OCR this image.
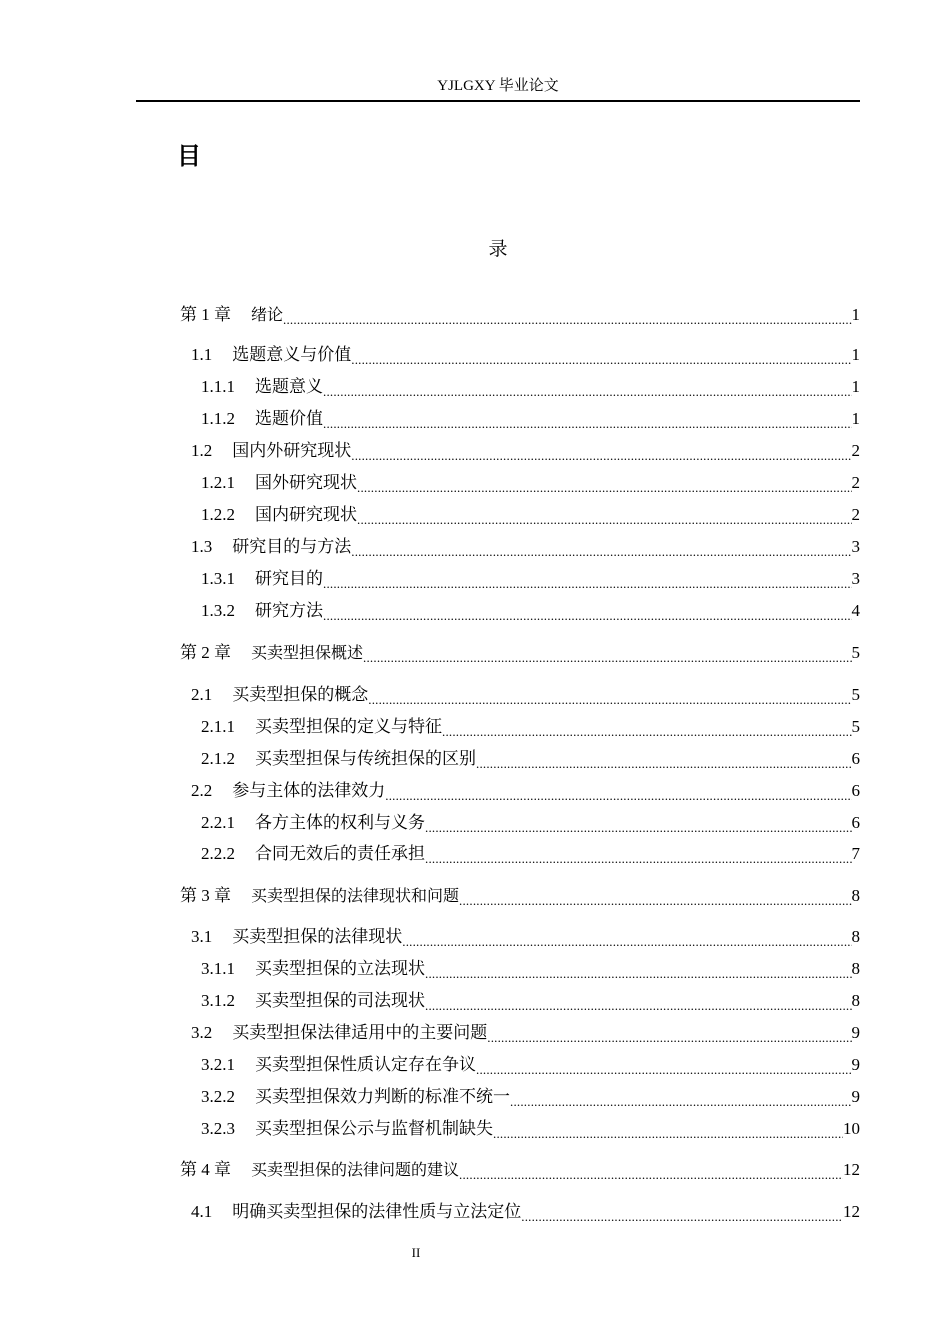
YJLGXY 毕业论文
目
录
第 1 章 绪论 .....	1
1.1 选题意义与价值 .....	1
1.1.1 选题意义 .....	1
1.1.2 选题价值 .....	1
1.2 国内外研究现状 .....	2
1.2.1 国外研究现状 .....	2
1.2.2 国内研究现状 .....	2
1.3 研究目的与方法 .....	3
1.3.1 研究目的 .....	3
1.3.2 研究方法 .....	4
第 2 章 买卖型担保概述 .....	5
2.1 买卖型担保的概念 .....	5
2.1.1 买卖型担保的定义与特征 .....	5
2.1.2 买卖型担保与传统担保的区别 .....	6
2.2 参与主体的法律效力 .....	6
2.2.1 各方主体的权利与义务 .....	6
2.2.2 合同无效后的责任承担 .....	7
第 3 章 买卖型担保的法律现状和问题 .....	8
3.1 买卖型担保的法律现状 .....	8
3.1.1 买卖型担保的立法现状 .....	8
3.1.2 买卖型担保的司法现状 .....	8
3.2 买卖型担保法律适用中的主要问题 .....	9
3.2.1 买卖型担保性质认定存在争议 .....	9
3.2.2 买卖型担保效力判断的标准不统一 .....	9
3.2.3 买卖型担保公示与监督机制缺失 .....	10
第 4 章 买卖型担保的法律问题的建议 .....	12
4.1 明确买卖型担保的法律性质与立法定位 .....	12
II
